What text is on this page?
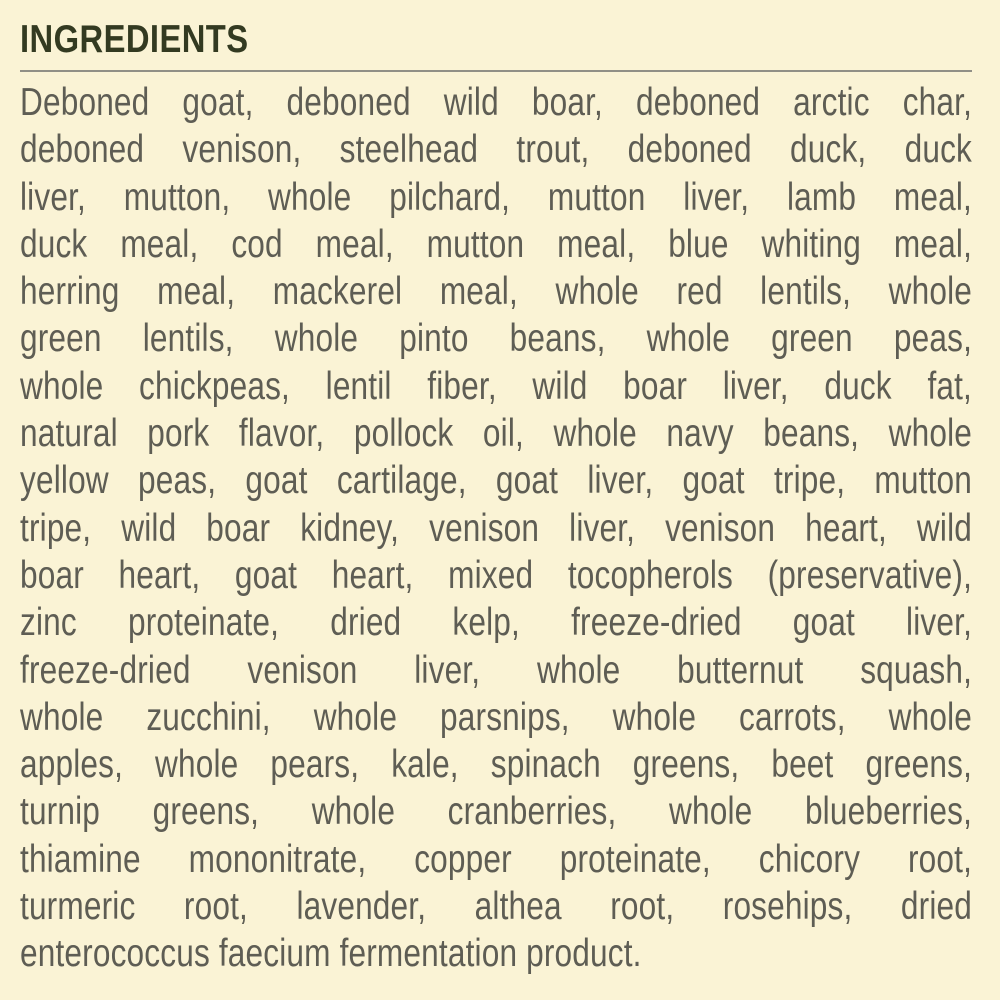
INGREDIENTS
Deboned goat, deboned wild boar, deboned arctic char,
deboned venison, steelhead trout, deboned duck, duck
liver, mutton, whole pilchard, mutton liver, lamb meal,
duck meal, cod meal, mutton meal, blue whiting meal,
herring meal, mackerel meal, whole red lentils, whole
green lentils, whole pinto beans, whole green peas,
whole chickpeas, lentil fiber, wild boar liver, duck fat,
natural pork flavor, pollock oil, whole navy beans, whole
yellow peas, goat cartilage, goat liver, goat tripe, mutton
tripe, wild boar kidney, venison liver, venison heart, wild
boar heart, goat heart, mixed tocopherols (preservative),
zinc proteinate, dried kelp, freeze-dried goat liver,
freeze-dried venison liver, whole butternut squash,
whole zucchini, whole parsnips, whole carrots, whole
apples, whole pears, kale, spinach greens, beet greens,
turnip greens, whole cranberries, whole blueberries,
thiamine mononitrate, copper proteinate, chicory root,
turmeric root, lavender, althea root, rosehips, dried
enterococcus faecium fermentation product.
